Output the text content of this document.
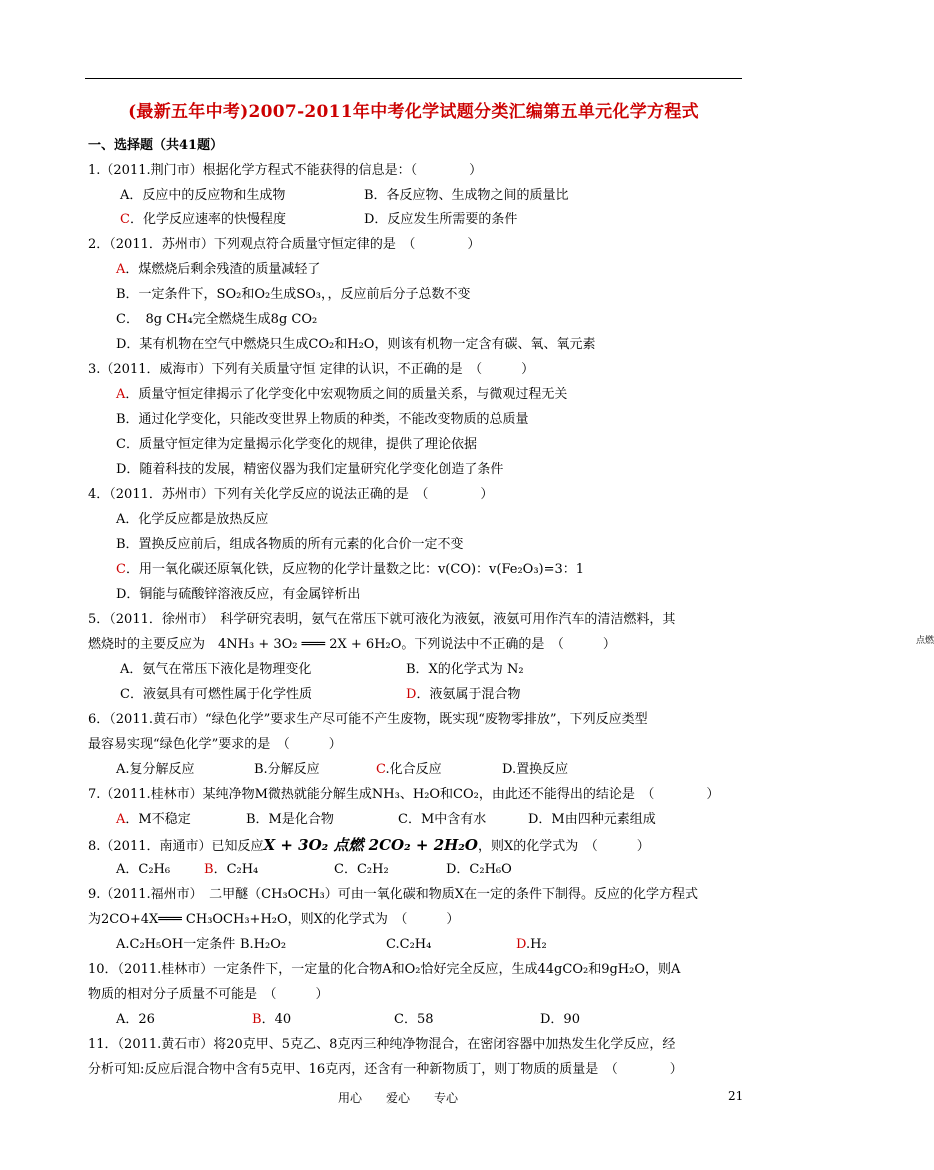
(最新五年中考)2007-2011年中考化学试题分类汇编第五单元化学方程式
一、选择题（共41题）
1.（2011.荆门市）根据化学方程式不能获得的信息是：（　　　　）
A．反应中的反应物和生成物	B．各反应物、生成物之间的质量比
C．化学反应速率的快慢程度	D．反应发生所需要的条件
2．（2011．苏州市）下列观点符合质量守恒定律的是　（　　　　）
A．煤燃烧后剩余残渣的质量减轻了
B．一定条件下，SO₂和O₂生成SO₃，，反应前后分子总数不变
C．　8g CH₄完全燃烧生成8g CO₂
D．某有机物在空气中燃烧只生成CO₂和H₂O，则该有机物一定含有碳、氧、氧元素
3.（2011．威海市）下列有关质量守恒 定律的认识，不正确的是　（　　　）
A．质量守恒定律揭示了化学变化中宏观物质之间的质量关系，与微观过程无关
B．通过化学变化，只能改变世界上物质的种类，不能改变物质的总质量
C．质量守恒定律为定量揭示化学变化的规律，提供了理论依据
D．随着科技的发展，精密仪器为我们定量研究化学变化创造了条件
4．（2011．苏州市）下列有关化学反应的说法正确的是　（　　　　）
A．化学反应都是放热反应
B．置换反应前后，组成各物质的所有元素的化合价一定不变
C．用一氧化碳还原氧化铁，反应物的化学计量数之比：v(CO)：v(Fe₂O₃)=3：1
D．铜能与硫酸锌溶液反应，有金属锌析出
5．（2011．徐州市）　科学研究表明，氨气在常压下就可液化为液氨，液氨可用作汽车的清洁燃料，其
燃烧时的主要反应为　4NH₃ + 3O₂ ═══ 2X + 6H₂O。下列说法中不正确的是　（　　　）	$^{点燃}$
A．氨气在常压下液化是物理变化	B．X的化学式为 N₂
C．液氨具有可燃性属于化学性质	D．液氨属于混合物
6．（2011.黄石市）“绿色化学”要求生产尽可能不产生废物，既实现“废物零排放”，下列反应类型
最容易实现“绿色化学”要求的是　（　　　）
A.复分解反应	B.分解反应	C.化合反应	D.置换反应
7.（2011.桂林市）某纯净物M微热就能分解生成NH₃、H₂O和CO₂，由此还不能得出的结论是　（　　　　）
A．M不稳定	B．M是化合物	C．M中含有水	D．M由四种元素组成
8.（2011．南通市）已知反应X + 3O₂ 点燃 2CO₂ + 2H₂O，则X的化学式为　（　　　）
A．C₂H₆	B．C₂H₄	C．C₂H₂	D．C₂H₆O
9.（2011.福州市）　二甲醚（CH₃OCH₃）可由一氧化碳和物质X在一定的条件下制得。反应的化学方程式
为2CO+4X═══ CH₃OCH₃+H₂O，则X的化学式为　（　　　）
A.C₂H₅OH一定条件 B.H₂O₂	C.C₂H₄	D.H₂
10．（2011.桂林市）一定条件下，一定量的化合物A和O₂恰好完全反应，生成44gCO₂和9gH₂O，则A
物质的相对分子质量不可能是　（　　　）
A．26	B．40	C．58	D．90
11．（2011.黄石市）将20克甲、5克乙、8克丙三种纯净物混合，在密闭容器中加热发生化学反应，经
分析可知:反应后混合物中含有5克甲、16克丙，还含有一种新物质丁，则丁物质的质量是　（　　　　）
用心　　爱心　　专心	21
